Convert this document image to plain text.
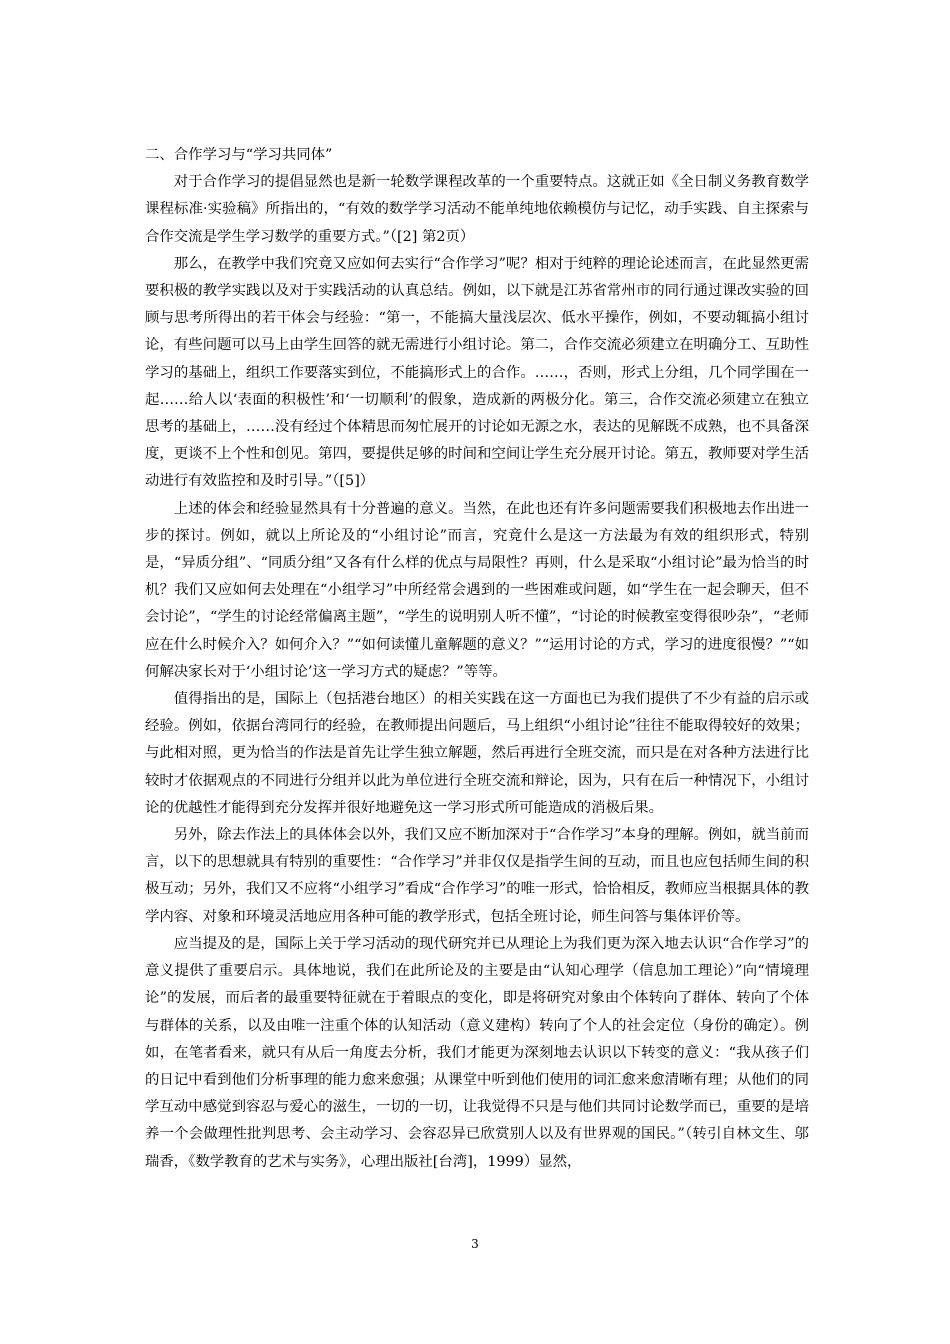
二、合作学习与“学习共同体”

对于合作学习的提倡显然也是新一轮数学课程改革的一个重要特点。这就正如《全日制义务教育数学课程标准·实验稿》所指出的，“有效的数学学习活动不能单纯地依赖模仿与记忆，动手实践、自主探索与合作交流是学生学习数学的重要方式。”（[2] 第2页）

那么，在教学中我们究竟又应如何去实行“合作学习”呢？相对于纯粹的理论论述而言，在此显然更需要积极的教学实践以及对于实践活动的认真总结。例如，以下就是江苏省常州市的同行通过课改实验的回顾与思考所得出的若干体会与经验：“第一，不能搞大量浅层次、低水平操作，例如，不要动辄搞小组讨论，有些问题可以马上由学生回答的就无需进行小组讨论。第二，合作交流必须建立在明确分工、互助性学习的基础上，组织工作要落实到位，不能搞形式上的合作。……，否则，形式上分组，几个同学围在一起……给人以‘表面的积极性’和‘一切顺利’的假象，造成新的两极分化。第三，合作交流必须建立在独立思考的基础上，……没有经过个体精思而匆忙展开的讨论如无源之水，表达的见解既不成熟，也不具备深度，更谈不上个性和创见。第四，要提供足够的时间和空间让学生充分展开讨论。第五，教师要对学生活动进行有效监控和及时引导。”（[5]）

上述的体会和经验显然具有十分普遍的意义。当然，在此也还有许多问题需要我们积极地去作出进一步的探讨。例如，就以上所论及的“小组讨论”而言，究竟什么是这一方法最为有效的组织形式，特别是，“异质分组”、“同质分组”又各有什么样的优点与局限性？再则，什么是采取“小组讨论”最为恰当的时机？我们又应如何去处理在“小组学习”中所经常会遇到的一些困难或问题，如“学生在一起会聊天，但不会讨论”，“学生的讨论经常偏离主题”，“学生的说明别人听不懂”，“讨论的时候教室变得很吵杂”，“老师应在什么时候介入？如何介入？”“如何读懂儿童解题的意义？”“运用讨论的方式，学习的进度很慢？”“如何解决家长对于‘小组讨论’这一学习方式的疑虑？”等等。

值得指出的是，国际上（包括港台地区）的相关实践在这一方面也已为我们提供了不少有益的启示或经验。例如，依据台湾同行的经验，在教师提出问题后，马上组织“小组讨论”往往不能取得较好的效果；与此相对照，更为恰当的作法是首先让学生独立解题，然后再进行全班交流，而只是在对各种方法进行比较时才依据观点的不同进行分组并以此为单位进行全班交流和辩论，因为，只有在后一种情况下，小组讨论的优越性才能得到充分发挥并很好地避免这一学习形式所可能造成的消极后果。

另外，除去作法上的具体体会以外，我们又应不断加深对于“合作学习”本身的理解。例如，就当前而言，以下的思想就具有特别的重要性：“合作学习”并非仅仅是指学生间的互动，而且也应包括师生间的积极互动；另外，我们又不应将“小组学习”看成“合作学习”的唯一形式，恰恰相反，教师应当根据具体的教学内容、对象和环境灵活地应用各种可能的教学形式，包括全班讨论，师生问答与集体评价等。

应当提及的是，国际上关于学习活动的现代研究并已从理论上为我们更为深入地去认识“合作学习”的意义提供了重要启示。具体地说，我们在此所论及的主要是由“认知心理学（信息加工理论）”向“情境理论”的发展，而后者的最重要特征就在于着眼点的变化，即是将研究对象由个体转向了群体、转向了个体与群体的关系，以及由唯一注重个体的认知活动（意义建构）转向了个人的社会定位（身份的确定）。例如，在笔者看来，就只有从后一角度去分析，我们才能更为深刻地去认识以下转变的意义：“我从孩子们的日记中看到他们分析事理的能力愈来愈强；从课堂中听到他们使用的词汇愈来愈清晰有理；从他们的同学互动中感觉到容忍与爱心的滋生，一切的一切，让我觉得不只是与他们共同讨论数学而已，重要的是培养一个会做理性批判思考、会主动学习、会容忍异已欣赏别人以及有世界观的国民。”（转引自林文生、邬瑞香，《数学教育的艺术与实务》，心理出版社[台湾]，1999）显然，

3
